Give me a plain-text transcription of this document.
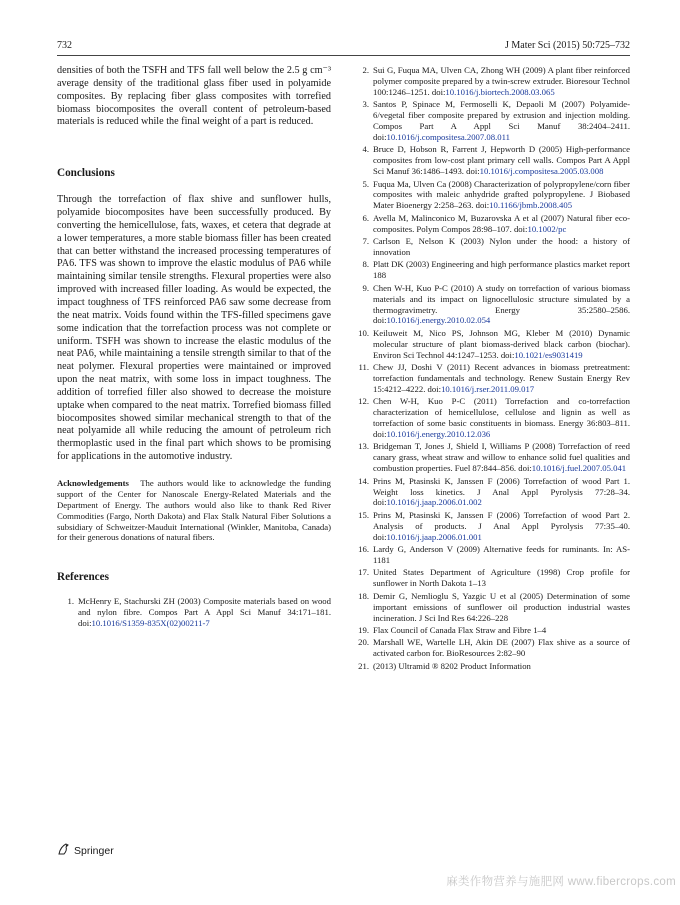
732	J Mater Sci (2015) 50:725–732

densities of both the TSFH and TFS fall well below the 2.5 g cm⁻³ average density of the traditional glass fiber used in polyamide composites. By replacing fiber glass composites with torrefied biomass biocomposites the overall content of petroleum-based materials is reduced while the final weight of a part is reduced.

Conclusions

Through the torrefaction of flax shive and sunflower hulls, polyamide biocomposites have been successfully produced. By converting the hemicellulose, fats, waxes, et cetera that degrade at a lower temperatures, a more stable biomass filler has been created that can better withstand the increased processing temperatures of PA6. TFS was shown to improve the elastic modulus of PA6 while maintaining similar tensile strengths. Flexural properties were also improved with increased filler loading. As would be expected, the impact toughness of TFS reinforced PA6 saw some decrease from the neat matrix. Voids found within the TFS-filled specimens gave some indication that the torrefaction process was not complete or uniform. TSFH was shown to increase the elastic modulus of the neat PA6, while maintaining a tensile strength similar to that of the neat polymer. Flexural properties were maintained or improved upon the neat matrix, with some loss in impact toughness. The addition of torrefied filler also showed to decrease the moisture uptake when compared to the neat matrix. Torrefied biomass filled biocomposites showed similar mechanical strength to that of the neat polyamide all while reducing the amount of petroleum rich thermoplastic used in the final part which shows to be promising for applications in the automotive industry.

Acknowledgements The authors would like to acknowledge the funding support of the Center for Nanoscale Energy-Related Materials and the Department of Energy. The authors would also like to thank Red River Commodities (Fargo, North Dakota) and Flax Stalk Natural Fiber Solutions a subsidiary of Schweitzer-Mauduit International (Winkler, Manitoba, Canada) for their generous donations of natural fibers.

References
1. McHenry E, Stachurski ZH (2003) Composite materials based on wood and nylon fibre. Compos Part A Appl Sci Manuf 34:171–181. doi:10.1016/S1359-835X(02)00211-7
2. Sui G, Fuqua MA, Ulven CA, Zhong WH (2009) A plant fiber reinforced polymer composite prepared by a twin-screw extruder. Bioresour Technol 100:1246–1251. doi:10.1016/j.biortech.2008.03.065
3. Santos P, Spinace M, Fermoselli K, Depaoli M (2007) Polyamide-6/vegetal fiber composite prepared by extrusion and injection molding. Compos Part A Appl Sci Manuf 38:2404–2411. doi:10.1016/j.compositesa.2007.08.011
4. Bruce D, Hobson R, Farrent J, Hepworth D (2005) High-performance composites from low-cost plant primary cell walls. Compos Part A Appl Sci Manuf 36:1486–1493. doi:10.1016/j.compositesa.2005.03.008
5. Fuqua Ma, Ulven Ca (2008) Characterization of polypropylene/corn fiber composites with maleic anhydride grafted polypropylene. J Biobased Mater Bioenergy 2:258–263. doi:10.1166/jbmb.2008.405
6. Avella M, Malinconico M, Buzarovska A et al (2007) Natural fiber eco-composites. Polym Compos 28:98–107. doi:10.1002/pc
7. Carlson E, Nelson K (2003) Nylon under the hood: a history of innovation
8. Platt DK (2003) Engineering and high performance plastics market report 188
9. Chen W-H, Kuo P-C (2010) A study on torrefaction of various biomass materials and its impact on lignocellulosic structure simulated by a thermogravimetry. Energy 35:2580–2586. doi:10.1016/j.energy.2010.02.054
10. Keiluweit M, Nico PS, Johnson MG, Kleber M (2010) Dynamic molecular structure of plant biomass-derived black carbon (biochar). Environ Sci Technol 44:1247–1253. doi:10.1021/es9031419
11. Chew JJ, Doshi V (2011) Recent advances in biomass pretreatment: torrefaction fundamentals and technology. Renew Sustain Energy Rev 15:4212–4222. doi:10.1016/j.rser.2011.09.017
12. Chen W-H, Kuo P-C (2011) Torrefaction and co-torrefaction characterization of hemicellulose, cellulose and lignin as well as torrefaction of some basic constituents in biomass. Energy 36:803–811. doi:10.1016/j.energy.2010.12.036
13. Bridgeman T, Jones J, Shield I, Williams P (2008) Torrefaction of reed canary grass, wheat straw and willow to enhance solid fuel qualities and combustion properties. Fuel 87:844–856. doi:10.1016/j.fuel.2007.05.041
14. Prins M, Ptasinski K, Janssen F (2006) Torrefaction of wood Part 1. Weight loss kinetics. J Anal Appl Pyrolysis 77:28–34. doi:10.1016/j.jaap.2006.01.002
15. Prins M, Ptasinski K, Janssen F (2006) Torrefaction of wood Part 2. Analysis of products. J Anal Appl Pyrolysis 77:35–40. doi:10.1016/j.jaap.2006.01.001
16. Lardy G, Anderson V (2009) Alternative feeds for ruminants. In: AS-1181
17. United States Department of Agriculture (1998) Crop profile for sunflower in North Dakota 1–13
18. Demir G, Nemlioglu S, Yazgic U et al (2005) Determination of some important emissions of sunflower oil production industrial wastes incineration. J Sci Ind Res 64:226–228
19. Flax Council of Canada Flax Straw and Fibre 1–4
20. Marshall WE, Wartelle LH, Akin DE (2007) Flax shive as a source of activated carbon for. BioResources 2:82–90
21. (2013) Ultramid ® 8202 Product Information
Springer
麻类作物营养与施肥网 www.fibercrops.com
